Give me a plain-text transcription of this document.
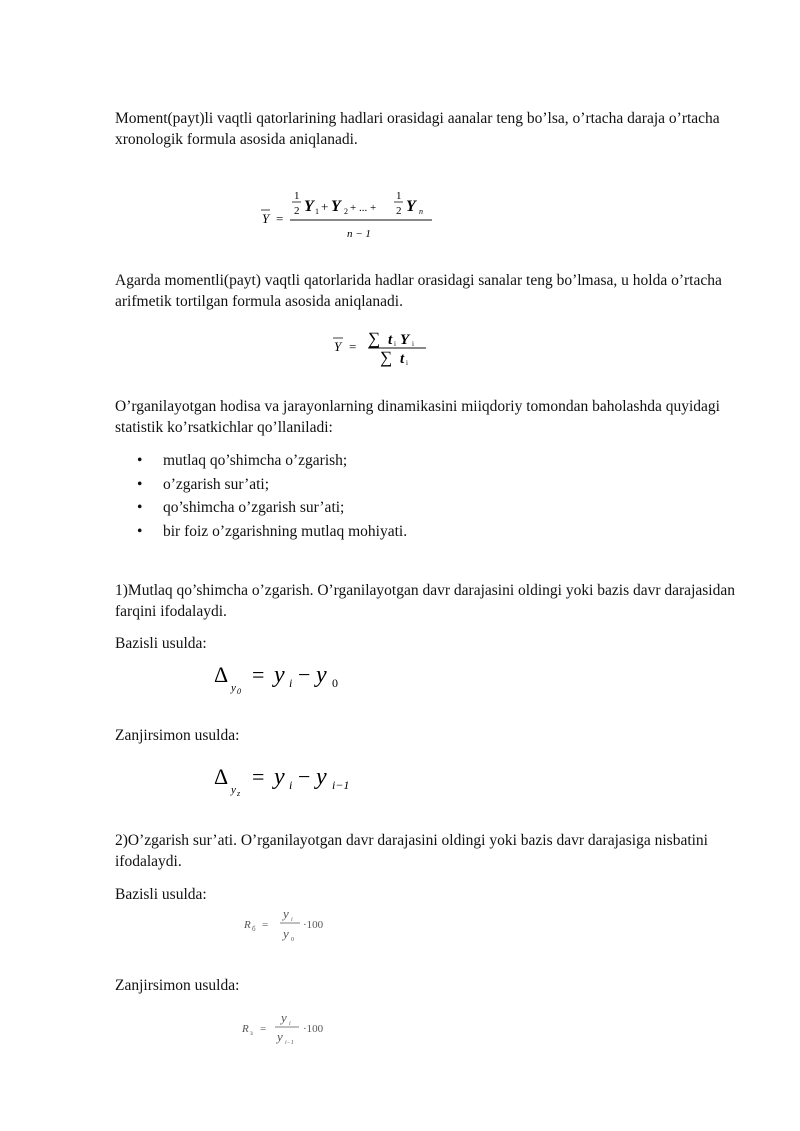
Moment(payt)li vaqtli qatorlarining hadlari orasidagi aanalar teng bo’lsa, o’rtacha daraja o’rtacha xronologik formula asosida aniqlanadi.

Y =
1
2 Y 1 + Y 2 + ... +
1
2 Y n
n − 1

Agarda momentli(payt) vaqtli qatorlarida hadlar orasidagi sanalar teng bo’lmasa, u holda o’rtacha arifmetik tortilgan formula asosida aniqlanadi.

Y = ∑ t i Y i
∑ t i

O’rganilayotgan hodisa va jarayonlarning dinamikasini miiqdoriy tomondan baholashda quyidagi statistik ko’rsatkichlar qo’llaniladi:

• mutlaq qo’shimcha o’zgarish;
• o’zgarish sur’ati;
• qo’shimcha o’zgarish sur’ati;
• bir foiz o’zgarishning mutlaq mohiyati.

1)Mutlaq qo’shimcha o’zgarish. O’rganilayotgan davr darajasini oldingi yoki bazis davr darajasidan farqini ifodalaydi.

Bazisli usulda:

Δ
y 0
= y i − y 0

Zanjirsimon usulda:

Δ
y z
= y i − y i−1

2)O’zgarish sur’ati. O’rganilayotgan davr darajasini oldingi yoki bazis davr darajasiga nisbatini ifodalaydi.

Bazisli usulda:

R б =
y i
y 0
·100

Zanjirsimon usulda:

R з =
y i
y i−1
·100
